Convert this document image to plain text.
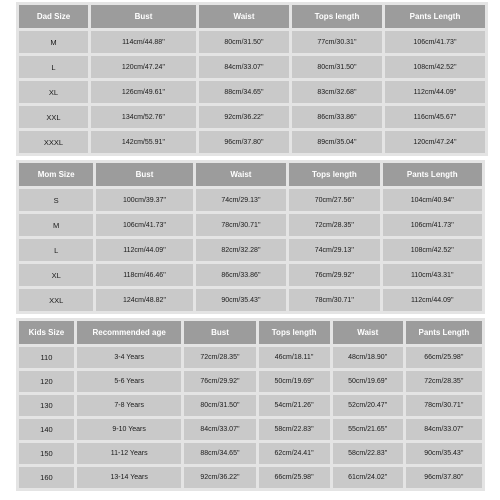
Dad Size	Bust	Waist	Tops length	Pants Length
M	114cm/44.88''	80cm/31.50''	77cm/30.31''	106cm/41.73''
L	120cm/47.24''	84cm/33.07''	80cm/31.50''	108cm/42.52''
XL	126cm/49.61''	88cm/34.65''	83cm/32.68''	112cm/44.09''
XXL	134cm/52.76''	92cm/36.22''	86cm/33.86''	116cm/45.67''
XXXL	142cm/55.91''	96cm/37.80''	89cm/35.04''	120cm/47.24''
Mom Size	Bust	Waist	Tops length	Pants Length
S	100cm/39.37''	74cm/29.13''	70cm/27.56''	104cm/40.94''
M	106cm/41.73''	78cm/30.71''	72cm/28.35''	106cm/41.73''
L	112cm/44.09''	82cm/32.28''	74cm/29.13''	108cm/42.52''
XL	118cm/46.46''	86cm/33.86''	76cm/29.92''	110cm/43.31''
XXL	124cm/48.82''	90cm/35.43''	78cm/30.71''	112cm/44.09''
Kids Size	Recommended age	Bust	Tops length	Waist	Pants Length
110	3-4 Years	72cm/28.35''	46cm/18.11''	48cm/18.90''	66cm/25.98''
120	5-6 Years	76cm/29.92''	50cm/19.69''	50cm/19.69''	72cm/28.35''
130	7-8 Years	80cm/31.50''	54cm/21.26''	52cm/20.47''	78cm/30.71''
140	9-10 Years	84cm/33.07''	58cm/22.83''	55cm/21.65''	84cm/33.07''
150	11-12 Years	88cm/34.65''	62cm/24.41''	58cm/22.83''	90cm/35.43''
160	13-14 Years	92cm/36.22''	66cm/25.98''	61cm/24.02''	96cm/37.80''
